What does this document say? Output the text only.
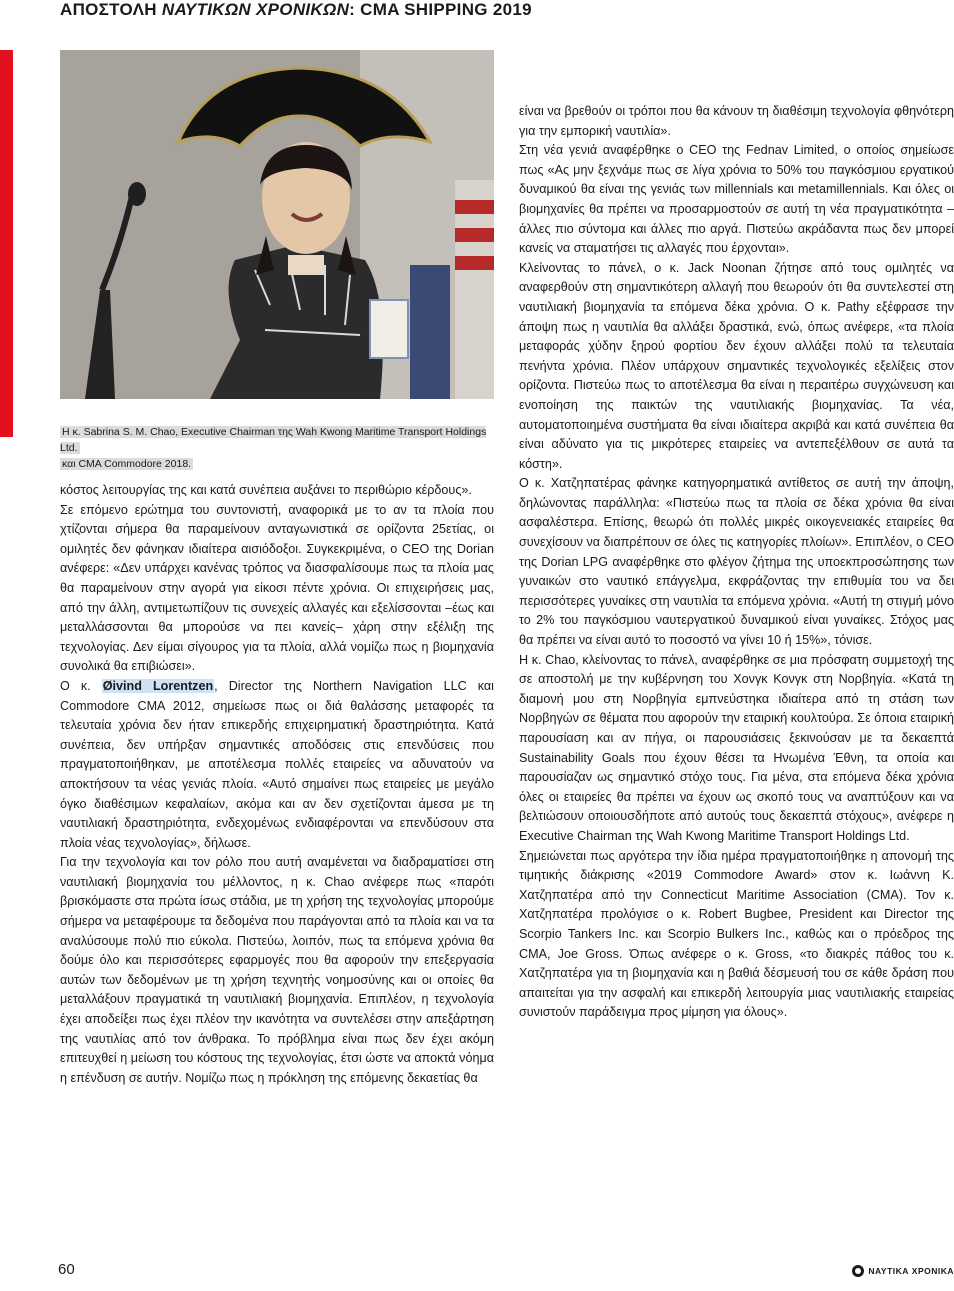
ΑΠΟΣΤΟΛΗ ΝΑΥΤΙΚΩΝ ΧΡΟΝΙΚΩΝ: CMA SHIPPING 2019
Η κ. Sabrina S. M. Chao, Executive Chairman της Wah Kwong Maritime Transport Holdings Ltd.
και CMA Commodore 2018.

κόστος λειτουργίας της και κατά συνέπεια αυξάνει το περιθώριο κέρδους».

Σε επόμενο ερώτημα του συντονιστή, αναφορικά με το αν τα πλοία που χτίζονται σήμερα θα παραμείνουν ανταγωνιστικά σε ορίζοντα 25ετίας, οι ομιλητές δεν φάνηκαν ιδιαίτερα αισιόδοξοι. Συγκεκριμένα, ο CEO της Dorian ανέφερε: «Δεν υπάρχει κανένας τρόπος να διασφαλίσουμε πως τα πλοία μας θα παραμείνουν στην αγορά για είκοσι πέντε χρόνια. Οι επιχειρήσεις μας, από την άλλη, αντιμετωπίζουν τις συνεχείς αλλαγές και εξελίσσονται –έως και μεταλλάσσονται θα μπορούσε να πει κανείς– χάρη στην εξέλιξη της τεχνολογίας. Δεν είμαι σίγουρος για τα πλοία, αλλά νομίζω πως η βιομηχανία συνολικά θα επιβιώσει».

Ο κ. Øivind Lorentzen, Director της Northern Navigation LLC και Commodore CMA 2012, σημείωσε πως οι διά θαλάσσης μεταφορές τα τελευταία χρόνια δεν ήταν επικερδής επιχειρηματική δραστηριότητα. Κατά συνέπεια, δεν υπήρξαν σημαντικές αποδόσεις στις επενδύσεις που πραγματοποιήθηκαν, με αποτέλεσμα πολλές εταιρείες να αδυνατούν να αποκτήσουν τα νέας γενιάς πλοία. «Αυτό σημαίνει πως εταιρείες με μεγάλο όγκο διαθέσιμων κεφαλαίων, ακόμα και αν δεν σχετίζονται άμεσα με τη ναυτιλιακή δραστηριότητα, ενδεχομένως ενδιαφέρονται να επενδύσουν στα πλοία νέας τεχνολογίας», δήλωσε.

Για την τεχνολογία και τον ρόλο που αυτή αναμένεται να διαδραματίσει στη ναυτιλιακή βιομηχανία του μέλλοντος, η κ. Chao ανέφερε πως «παρότι βρισκόμαστε στα πρώτα ίσως στάδια, με τη χρήση της τεχνολογίας μπορούμε σήμερα να μεταφέρουμε τα δεδομένα που παράγονται από τα πλοία και να τα αναλύσουμε πολύ πιο εύκολα. Πιστεύω, λοιπόν, πως τα επόμενα χρόνια θα δούμε όλο και περισσότερες εφαρμογές που θα αφορούν την επεξεργασία αυτών των δεδομένων με τη χρήση τεχνητής νοημοσύνης και οι οποίες θα μεταλλάξουν πραγματικά τη ναυτιλιακή βιομηχανία. Επιπλέον, η τεχνολογία έχει αποδείξει πως έχει πλέον την ικανότητα να συντελέσει στην απεξάρτηση της ναυτιλίας από τον άνθρακα. Το πρόβλημα είναι πως δεν έχει ακόμη επιτευχθεί η μείωση του κόστους της τεχνολογίας, έτσι ώστε να αποκτά νόημα η επένδυση σε αυτήν. Νομίζω πως η πρόκληση της επόμενης δεκαετίας θα

είναι να βρεθούν οι τρόποι που θα κάνουν τη διαθέσιμη τεχνολογία φθηνότερη για την εμπορική ναυτιλία».

Στη νέα γενιά αναφέρθηκε ο CEO της Fednav Limited, ο οποίος σημείωσε πως «Ας μην ξεχνάμε πως σε λίγα χρόνια το 50% του παγκόσμιου εργατικού δυναμικού θα είναι της γενιάς των millennials και metamillennials. Και όλες οι βιομηχανίες θα πρέπει να προσαρμοστούν σε αυτή τη νέα πραγματικότητα – άλλες πιο σύντομα και άλλες πιο αργά. Πιστεύω ακράδαντα πως δεν μπορεί κανείς να σταματήσει τις αλλαγές που έρχονται».

Κλείνοντας το πάνελ, ο κ. Jack Noonan ζήτησε από τους ομιλητές να αναφερθούν στη σημαντικότερη αλλαγή που θεωρούν ότι θα συντελεστεί στη ναυτιλιακή βιομηχανία τα επόμενα δέκα χρόνια. Ο κ. Pathy εξέφρασε την άποψη πως η ναυτιλία θα αλλάξει δραστικά, ενώ, όπως ανέφερε, «τα πλοία μεταφοράς χύδην ξηρού φορτίου δεν έχουν αλλάξει πολύ τα τελευταία πενήντα χρόνια. Πλέον υπάρχουν σημαντικές τεχνολογικές εξελίξεις στον ορίζοντα. Πιστεύω πως το αποτέλεσμα θα είναι η περαιτέρω συγχώνευση και ενοποίηση της παικτών της ναυτιλιακής βιομηχανίας. Τα νέα, αυτοματοποιημένα συστήματα θα είναι ιδιαίτερα ακριβά και κατά συνέπεια θα είναι αδύνατο για τις μικρότερες εταιρείες να αντεπεξέλθουν σε αυτά τα κόστη».

Ο κ. Χατζηπατέρας φάνηκε κατηγορηματικά αντίθετος σε αυτή την άποψη, δηλώνοντας παράλληλα: «Πιστεύω πως τα πλοία σε δέκα χρόνια θα είναι ασφαλέστερα. Επίσης, θεωρώ ότι πολλές μικρές οικογενειακές εταιρείες θα συνεχίσουν να διαπρέπουν σε όλες τις κατηγορίες πλοίων». Επιπλέον, ο CEO της Dorian LPG αναφέρθηκε στο φλέγον ζήτημα της υποεκπροσώπησης των γυναικών στο ναυτικό επάγγελμα, εκφράζοντας την επιθυμία του να δει περισσότερες γυναίκες στη ναυτιλία τα επόμενα χρόνια. «Αυτή τη στιγμή μόνο το 2% του παγκόσμιου ναυτεργατικού δυναμικού είναι γυναίκες. Στόχος μας θα πρέπει να είναι αυτό το ποσοστό να γίνει 10 ή 15%», τόνισε.

Η κ. Chao, κλείνοντας το πάνελ, αναφέρθηκε σε μια πρόσφατη συμμετοχή της σε αποστολή με την κυβέρνηση του Χονγκ Κονγκ στη Νορβηγία. «Κατά τη διαμονή μου στη Νορβηγία εμπνεύστηκα ιδιαίτερα από τη στάση των Νορβηγών σε θέματα που αφορούν την εταιρική κουλτούρα. Σε όποια εταιρική παρουσίαση και αν πήγα, οι παρουσιάσεις ξεκινούσαν με τα δεκαεπτά Sustainability Goals που έχουν θέσει τα Ηνωμένα Έθνη, τα οποία και παρουσίαζαν ως σημαντικό στόχο τους. Για μένα, στα επόμενα δέκα χρόνια όλες οι εταιρείες θα πρέπει να έχουν ως σκοπό τους να αναπτύξουν και να βελτιώσουν οποιουσδήποτε από αυτούς τους δεκαεπτά στόχους», ανέφερε η Executive Chairman της Wah Kwong Maritime Transport Holdings Ltd.

Σημειώνεται πως αργότερα την ίδια ημέρα πραγματοποιήθηκε η απονομή της τιμητικής διάκρισης «2019 Commodore Award» στον κ. Ιωάννη Κ. Χατζηπατέρα από την Connecticut Maritime Association (CMA). Τον κ. Χατζηπατέρα προλόγισε ο κ. Robert Bugbee, President και Director της Scorpio Tankers Inc. και Scorpio Bulkers Inc., καθώς και ο πρόεδρος της CMA, Joe Gross. Όπως ανέφερε ο κ. Gross, «το διακρές πάθος του κ. Χατζηπατέρα για τη βιομηχανία και η βαθιά δέσμευσή του σε κάθε δράση που απαιτείται για την ασφαλή και επικερδή λειτουργία μιας ναυτιλιακής εταιρείας συνιστούν παράδειγμα προς μίμηση για όλους».

60	ΝΑΥΤΙΚΑ ΧΡΟΝΙΚΑ
